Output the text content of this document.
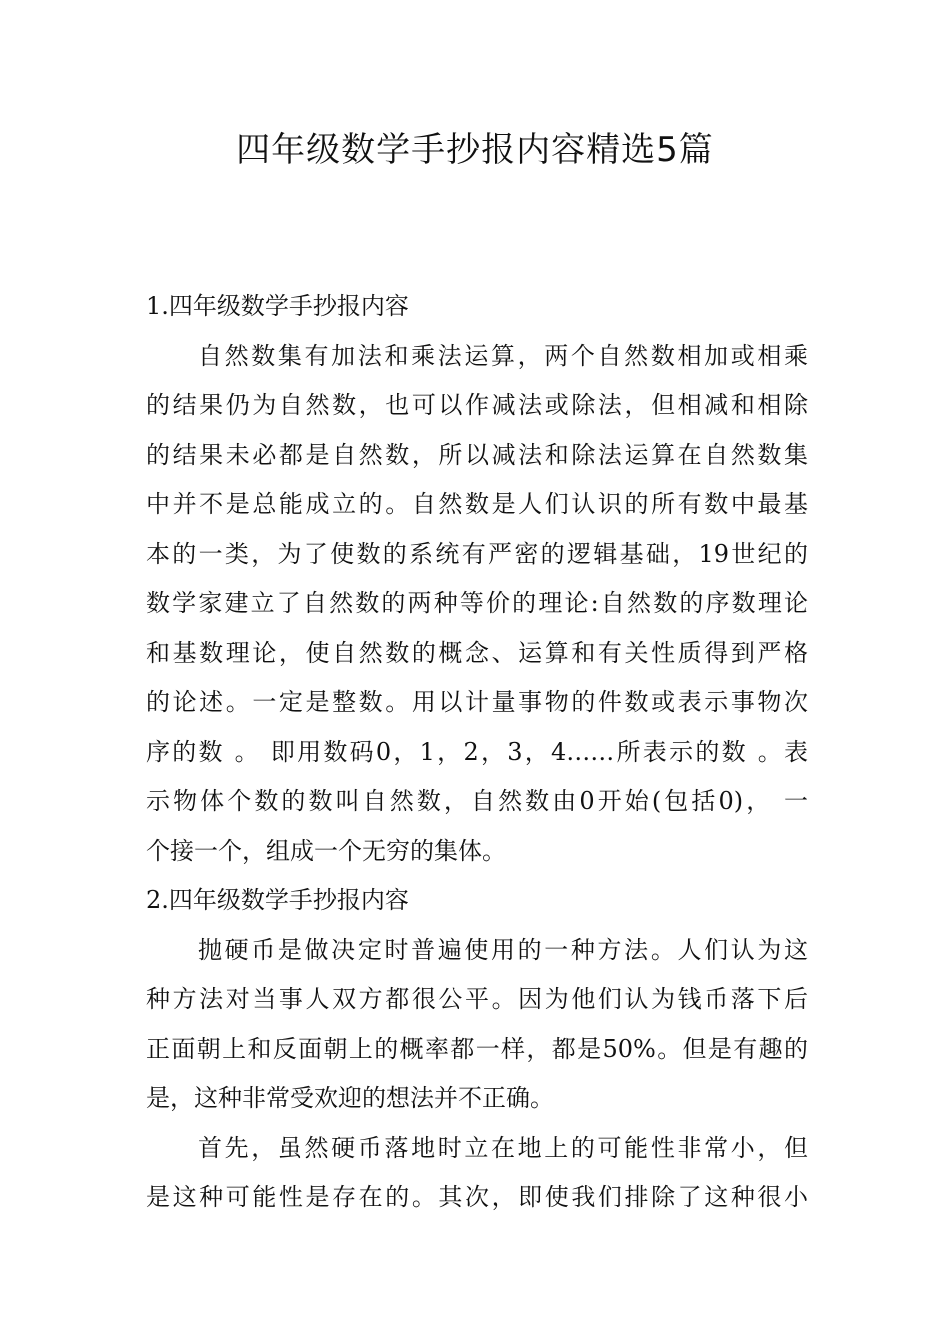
四年级数学手抄报内容精选5篇
1.四年级数学手抄报内容
自然数集有加法和乘法运算，两个自然数相加或相乘
的结果仍为自然数，也可以作减法或除法，但相减和相除
的结果未必都是自然数，所以减法和除法运算在自然数集
中并不是总能成立的。自然数是人们认识的所有数中最基
本的一类，为了使数的系统有严密的逻辑基础，19世纪的
数学家建立了自然数的两种等价的理论:自然数的序数理论
和基数理论，使自然数的概念、运算和有关性质得到严格
的论述。一定是整数。用以计量事物的件数或表示事物次
序的数 。 即用数码0，1，2，3，4……所表示的数 。表
示物体个数的数叫自然数，自然数由0开始(包括0)， 一
个接一个，组成一个无穷的集体。
2.四年级数学手抄报内容
抛硬币是做决定时普遍使用的一种方法。人们认为这
种方法对当事人双方都很公平。因为他们认为钱币落下后
正面朝上和反面朝上的概率都一样，都是50%。但是有趣的
是，这种非常受欢迎的想法并不正确。
首先，虽然硬币落地时立在地上的可能性非常小，但
是这种可能性是存在的。其次，即使我们排除了这种很小
